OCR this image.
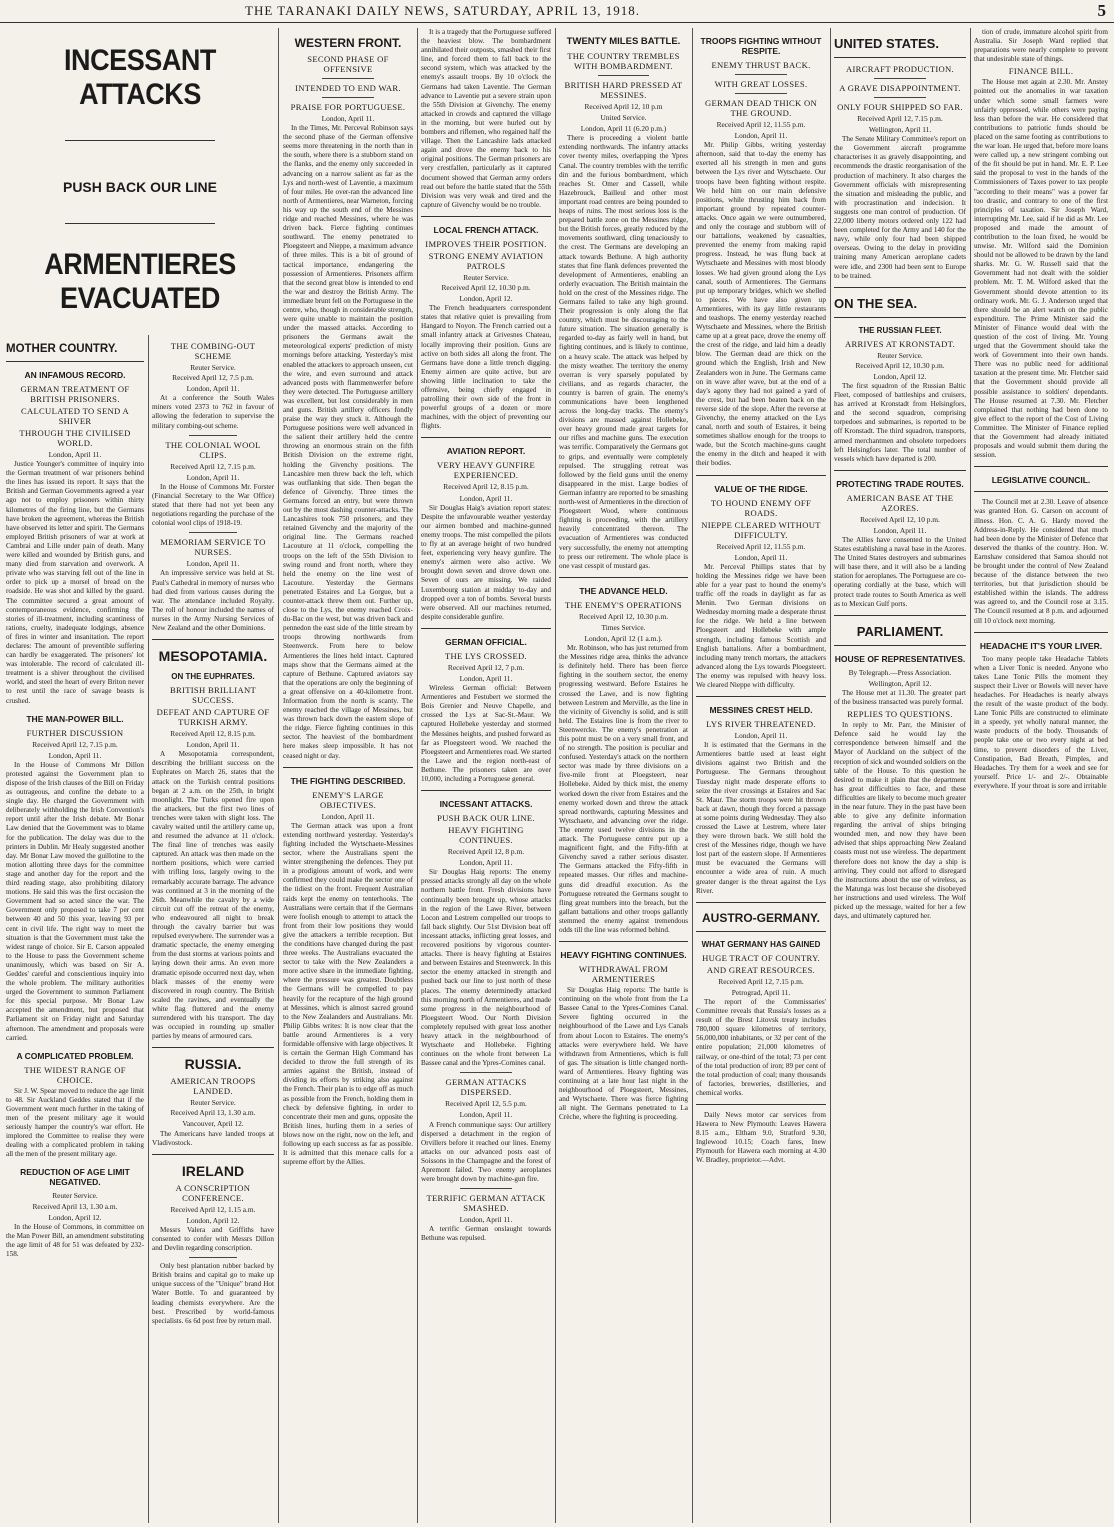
THE TARANAKI DAILY NEWS, SATURDAY, APRIL 13, 1918.	5
INCESSANT ATTACKS
PUSH BACK OUR LINE
ARMENTIERES EVACUATED
MOTHER COUNTRY.
AN INFAMOUS RECORD.
GERMAN TREATMENT OF BRITISH PRISONERS.
CALCULATED TO SEND A SHIVER
THROUGH THE CIVILISED WORLD.

London, April 11.

Justice Younger's committee of inquiry into the German treatment of war prisoners behind the lines has issued its report. It says that the British and German Governments agreed a year ago not to employ prisoners within thirty kilometres of the firing line, but the Germans have broken the agreement, whereas the British have observed its letter and spirit. The Germans employed British prisoners of war at work at Cambrai and Lille under pain of death. Many were killed and wounded by British guns, and many died from starvation and overwork. A private who was starving fell out of the line in order to pick up a morsel of bread on the roadside. He was shot and killed by the guard. The committee secured a great amount of contemporaneous evidence, confirming the stories of ill-treatment, including scantiness of rations, cruelty, inadequate lodgings, absence of fires in winter and insanitation. The report declares: The amount of preventible suffering can hardly be exaggerated. The prisoners' lot was intolerable. The record of calculated ill-treatment is a shiver throughout the civilised world, and steel the heart of every Briton never to rest until the race of savage beasts is crushed.

THE MAN-POWER BILL.
FURTHER DISCUSSION

Received April 12, 7.15 p.m.

London, April 11.

In the House of Commons Mr Dillon protested against the Government plan to dispose of the Irish clauses of the Bill on Friday as outrageous, and confine the debate to a single day. He charged the Government with deliberately withholding the Irish Convention's report until after the Irish debate. Mr Bonar Law denied that the Government was to blame for the publication. The delay was due to the printers in Dublin. Mr Healy suggested another day. Mr Bonar Law moved the guillotine to the motion allotting three days for the committee stage and another day for the report and the third reading stage, also prohibiting dilatory motions. He said this was the first occasion the Government had so acted since the war. The Government only proposed to take 7 per cent between 40 and 50 this year, leaving 93 per cent in civil life. The right way to meet the situation is that the Government must take the widest range of choice. Sir E. Carson appealed to the House to pass the Government scheme unanimously, which was based on Sir A. Geddes' careful and conscientious inquiry into the whole problem. The military authorities urged the Government to summon Parliament for this special purpose. Mr Bonar Law accepted the amendment, but proposed that Parliament sit on Friday night and Saturday afternoon. The amendment and proposals were carried.

A COMPLICATED PROBLEM.
THE WIDEST RANGE OF CHOICE.

Sir J. W. Spear moved to reduce the age limit to 48. Sir Auckland Geddes stated that if the Government went much further in the taking of men of the present military age it would seriously hamper the country's war effort. He implored the Committee to realise they were dealing with a complicated problem in taking all the men of the present military age.

REDUCTION OF AGE LIMIT NEGATIVED.

Reuter Service.

Received April 13, 1.30 a.m.

London, April 12.

In the House of Commons, in committee on the Man Power Bill, an amendment substituting the age limit of 48 for 51 was defeated by 232-158.

THE COMBING-OUT SCHEME

Reuter Service.

Received April 12, 7.5 p.m.

London, April 11.

At a conference the South Wales miners voted 2373 to 762 in favour of allowing the federation to supervise the military combing-out scheme.

THE COLONIAL WOOL CLIPS.

Received April 12, 7.15 p.m.

London, April 11.

In the House of Commons Mr. Forster (Financial Secretary to the War Office) stated that there had not yet been any negotiations regarding the purchase of the colonial wool clips of 1918-19.

MEMORIAM SERVICE TO NURSES.

London, April 11.

An impressive service was held at St. Paul's Cathedral in memory of nurses who had died from various causes during the war. The attendance included Royalty. The roll of honour included the names of nurses in the Army Nursing Services of New Zealand and the other Dominions.

MESOPOTAMIA.
ON THE EUPHRATES.
BRITISH BRILLIANT SUCCESS.
DEFEAT AND CAPTURE OF TURKISH ARMY.

Received April 12, 8.15 p.m.

London, April 11.

A Mesopotamia correspondent, describing the brilliant success on the Euphrates on March 26, states that the attack on the Turkish central positions began at 2 a.m. on the 25th, in bright moonlight. The Turks opened fire upon the attackers, but the first two lines of trenches were taken with slight loss. The cavalry waited until the artillery came up, and resumed the advance at 11 o'clock. The final line of trenches was easily captured. An attack was then made on the northern positions, which were carried with trifling loss, largely owing to the remarkably accurate barrage. The advance was continued at 3 in the morning of the 26th. Meanwhile the cavalry by a wide circuit cut off the retreat of the enemy, who endeavoured all night to break through the cavalry barrier but was repulsed everywhere. The surrender was a dramatic spectacle, the enemy emerging from the dust storms at various points and laying down their arms. An even more dramatic episode occurred next day, when black masses of the enemy were discovered in rough country. The British scaled the ravines, and eventually the white flag fluttered and the enemy surrendered with his transport. The day was occupied in rounding up smaller parties by means of armoured cars.

RUSSIA.
AMERICAN TROOPS LANDED.

Reuter Service.

Received April 13, 1.30 a.m.

Vancouver, April 12.

The Americans have landed troops at Vladivostock.

IRELAND
A CONSCRIPTION CONFERENCE.

Received April 12, 1.15 a.m.

London, April 12.

Messrs Valera and Griffiths have consented to confer with Messrs Dillon and Devlin regarding conscription.

Only best plantation rubber backed by British brains and capital go to make up unique success of the "Unique" brand Hot Water Bottle. To and guaranteed by leading chemists everywhere. Are the best. Prescribed by world-famous specialists. 6s 6d post free by return mail.

WESTERN FRONT.
SECOND PHASE OF OFFENSIVE
INTENDED TO END WAR.
PRAISE FOR PORTUGUESE.

London, April 11.

In the Times, Mr. Perceval Robinson says the second phase of the German offensive seems more threatening in the north than in the south, where there is a stubborn stand on the flanks, and the enemy only succeeded in advancing on a narrow salient as far as the Lys and north-west of Laventie, a maximum of four miles. He over-ran the advanced line north of Armentieres, near Warneton, forcing his way up the south end of the Messines ridge and reached Messines, where he was driven back. Fierce fighting continues southward. The enemy penetrated to Ploegsteert and Nieppe, a maximum advance of three miles. This is a bit of ground of tactical importance, endangering the possession of Armentieres. Prisoners affirm that the second great blow is intended to end the war and destroy the British Army. The immediate brunt fell on the Portuguese in the centre, who, though in considerable strength, were quite unable to maintain the position under the massed attacks. According to prisoners the Germans await the meteorological experts' prediction of misty mornings before attacking. Yesterday's mist enabled the attackers to approach unseen, cut the wire, and even surround and attack advanced posts with flammenwerfer before they were detected. The Portuguese artillery was excellent, but lost considerably in men and guns. British artillery officers fondly praise the way they stuck it. Although the Portuguese positions were well advanced in the salient their artillery held the centre throwing an enormous strain on the fifth British Division on the extreme right, holding the Givenchy positions. The Lancashire men threw back the left, which was outflanking that side. Then began the defence of Givenchy. Three times the Germans forced an entry, but were thrown out by the most dashing counter-attacks. The Lancashires took 750 prisoners, and they retained Givenchy and the majority of the original line. The Germans reached Lacouture at 11 o'clock, compelling the troops on the left of the 55th Division to swing round and front north, where they held the enemy on the line west of Lacouture. Yesterday the Germans penetrated Estaires and La Gorgue, but a counter-attack threw them out. Further up, close to the Lys, the enemy reached Croix-du-Bac on the west, but was driven back and pennedon the east side of the little stream by troops throwing northwards from Steenwerck. From here to below Armentieres the lines held intact. Captured maps show that the Germans aimed at the capture of Bethune. Captured aviators say that the operations are only the beginning of a great offensive on a 40-kilometre front. Information from the north is scanty. The enemy reached the village of Messines, but was thrown back down the eastern slope of the ridge. Fierce fighting continues in this sector. The heaviest of the bombardment here makes sleep impossible. It has not ceased night or day.

THE FIGHTING DESCRIBED.
ENEMY'S LARGE OBJECTIVES.

London, April 11.

The German attack was upon a front extending northward yesterday. Yesterday's fighting included the Wytschaete-Messines sector, where the Australians spent the winter strengthening the defences. They put in a prodigious amount of work, and were confirmed they could make the sector one of the tidiest on the front. Frequent Australian raids kept the enemy on tenterhooks. The Australians were certain that if the Germans were foolish enough to attempt to attack the front from their low positions they would give the attackers a terrible reception. But the conditions have changed during the past three weeks. The Australians evacuated the sector to take with the New Zealanders a more active share in the immediate fighting, where the pressure was greatest. Doubtless the Germans will be compelled to pay heavily for the recapture of the high ground at Messines, which is almost sacred ground to the New Zealanders and Australians. Mr. Philip Gibbs writes: It is now clear that the battle around Armentieres is a very formidable offensive with large objectives. It is certain the German High Command has decided to throw the full strength of its armies against the British, instead of dividing its efforts by striking also against the French. Their plan is to edge off as much as possible from the French, holding them in check by defensive fighting, in order to concentrate their men and guns, opposite the British lines, hurling them in a series of blows now on the right, now on the left, and following up each success as far as possible. It is admitted that this menace calls for a supreme effort by the Allies.

It is a tragedy that the Portuguese suffered the heaviest blow. The bombardment annihilated their outposts, smashed their first line, and forced them to fall back to the second system, which was attacked by the enemy's assault troops. By 10 o'clock the Germans had taken Laventie. The German advance to Laventie put a severe strain upon the 55th Division at Givenchy. The enemy attacked in crowds and captured the village in the morning, but were hurled out by bombers and riflemen, who regained half the village. Then the Lancashire lads attacked again and drove the enemy back to his original positions. The German prisoners are very crestfallen, particularly as it captured document showed that German army orders read out before the battle stated that the 55th Division was very weak and tired and the capture of Givenchy would be no trouble.

LOCAL FRENCH ATTACK.
IMPROVES THEIR POSITION.
STRONG ENEMY AVIATION PATROLS

Reuter Service.

Received April 12, 10.30 p.m.

London, April 12.

The French headquarters correspondent states that relative quiet is prevailing from Hangard to Noyon. The French carried out a small infantry attack at Grivesnes Chateau, locally improving their position. Guns are active on both sides all along the front. The Germans have done a little trench digging. Enemy airmen are quite active, but are showing little inclination to take the offensive, being chiefly engaged in patrolling their own side of the front in powerful groups of a dozen or more machines, with the object of preventing our flights.

AVIATION REPORT.
VERY HEAVY GUNFIRE EXPERIENCED.

Received April 12, 8.15 p.m.

London, April 11.

Sir Douglas Haig's aviation report states: Despite the unfavourable weather yesterday our airmen bombed and machine-gunned enemy troops. The mist compelled the pilots to fly at an average height of two hundred feet, experiencing very heavy gunfire. The enemy's airmen were also active. We brought down seven and drove down one. Seven of ours are missing. We raided Luxembourg station at midday to-day and dropped over a ton of bombs. Several bursts were observed. All our machines returned, despite considerable gunfire.

GERMAN OFFICIAL.
THE LYS CROSSED.

Received April 12, 7 p.m.

London, April 11.

Wireless German official: Between Armentieres and Festubert we stormed the Bois Grenier and Neuve Chapelle, and crossed the Lys at Sac-St.-Maur. We captured Hollebeke yesterday and stormed the Messines heights, and pushed forward as far as Ploegsteert wood. We reached the Ploegsteert and Armentieres road. We started the Lawe and the region north-east of Bethune. The prisoners taken are over 10,000, including a Portuguese general.

INCESSANT ATTACKS.
PUSH BACK OUR LINE.
HEAVY FIGHTING CONTINUES.

Received April 12, 8 p.m.

London, April 11.

Sir Douglas Haig reports: The enemy pressed attacks strongly all day on the whole northern battle front. Fresh divisions have continually been brought up, whose attacks in the region of the Lawe River, between Locon and Lestrem compelled our troops to fall back slightly. Our 51st Division beat off incessant attacks, inflicting great losses, and recovered positions by vigorous counter-attacks. There is heavy fighting at Estaires and between Estaires and Steenwerck. In this sector the enemy attacked in strength and pushed back our line to just north of these places. The enemy determinedly attacked this morning north of Armentieres, and made some progress in the neighbourhood of Ploegsteert Wood. Our North Division completely repulsed with great loss another heavy attack in the neighbourhood of Wytschaete and Hollebeke. Fighting continues on the whole front between La Bassee canal and the Ypres-Comines canal.

GERMAN ATTACKS DISPERSED.

Received April 12, 5.5 p.m.

London, April 11.

A French communique says: Our artillery dispersed a detachment in the region of Orvillers before it reached our lines. Enemy attacks on our advanced posts east of Soissons in the Champagne and the forest of Apremont failed. Two enemy aeroplanes were brought down by machine-gun fire.

TERRIFIC GERMAN ATTACK SMASHED.

London, April 11.

A terrific German onslaught towards Bethune was repulsed.

TWENTY MILES BATTLE.
THE COUNTRY TREMBLES WITH BOMBARDMENT.
BRITISH HARD PRESSED AT MESSINES.

Received April 12, 10 p.m

United Service.

London, April 11 (6.20 p.m.)

There is proceeding a violent battle extending northwards. The infantry attacks cover twenty miles, overlapping the Ypres Canal. The country trembles with the terrific din and the furious bombardment, which reaches St. Omer and Cassell, while Hazebrouck, Bailleul and other most important road centres are being pounded to heaps of ruins. The most serious loss is the prepared battle zone on the Messines ridge, but the British forces, greatly reduced by the movements southward, cling tenaciously to the crest. The Germans are developing an attack towards Bethune. A high authority states that fine flank defences prevented the development of Armentieres, enabling an orderly evacuation. The British maintain the hold on the crest of the Messines ridge. The Germans failed to take any high ground. Their progression is only along the flat country, which must be discouraging to the future situation. The situation generally is regarded to-day as fairly well in hand, but fighting continues, and is likely to continue, on a heavy scale. The attack was helped by the misty weather. The territory the enemy overran is very sparsely populated by civilians, and as regards character, the country is barren of grain. The enemy's communications have been lengthened across the long-day tracks. The enemy's divisions are massed against Hollebeke, over heavy ground made great targets for our rifles and machine guns. The execution was terrific. Comparatively the Germans got to grips, and eventually were completely repulsed. The struggling retreat was followed by the field guns until the enemy disappeared in the mist. Large bodies of German infantry are reported to be smashing north-west of Armentieres in the direction of Ploegsteert Wood, where continuous fighting is proceeding, with the artillery heavily concentrated thereon. The evacuation of Armentieres was conducted very successfully, the enemy not attempting to press our retirement. The whole place is one vast cesspit of mustard gas.

THE ADVANCE HELD.
THE ENEMY'S OPERATIONS

Received April 12, 10.30 p.m.

Times Service.

London, April 12 (1 a.m.).

Mr. Robinson, who has just returned from the Messines ridge area, thinks the advance is definitely held. There has been fierce fighting in the southern sector, the enemy progressing westward. Before Estaires he crossed the Lawe, and is now fighting between Lestrem and Merville, as the line in the vicinity of Givenchy is solid, and is still held. The Estaires line is from the river to Steenwercke. The enemy's penetration at this point must be on a very small front, and of no strength. The position is peculiar and confused. Yesterday's attack on the northern sector was made by three divisions on a five-mile front at Ploegsteert, near Hollebeke. Aided by thick mist, the enemy worked down the river from Estaires and the enemy worked down and threw the attack spread northwards, capturing Messines and Wytschaete, and advancing over the ridge. The enemy used twelve divisions in the attack. The Portuguese centre put up a magnificent fight, and the Fifty-fifth at Givenchy saved a rather serious disaster. The Germans attacked the Fifty-fifth in repeated masses. Our rifles and machine-guns did dreadful execution. As the Portuguese retreated the Germans sought to fling great numbers into the breach, but the gallant battalions and other troops gallantly stemmed the enemy against tremendous odds till the line was reformed behind.

HEAVY FIGHTING CONTINUES.
WITHDRAWAL FROM ARMENTIERES

Sir Douglas Haig reports: The battle is continuing on the whole front from the La Bassee Canal to the Ypres-Comines Canal. Severe fighting occurred in the neighbourhood of the Lawe and Lys Canals from about Locon to Estaires. The enemy's attacks were everywhere held. We have withdrawn from Armentieres, which is full of gas. The situation is little changed north-ward of Armentieres. Heavy fighting was continuing at a late hour last night in the neighbourhood of Ploegsteert, Messines, and Wytschaete. There was fierce fighting all night. The Germans penetrated to La Crèche, where the fighting is proceeding.

TROOPS FIGHTING WITHOUT RESPITE.
ENEMY THRUST BACK.
WITH GREAT LOSSES.
GERMAN DEAD THICK ON THE GROUND.

Received April 12, 11.55 p.m.

London, April 11.

Mr. Philip Gibbs, writing yesterday afternoon, said that to-day the enemy has exerted all his strength in men and guns between the Lys river and Wytschaete. Our troops have been fighting without respite. We held him on our main defensive positions, while thrusting him back from important ground by repeated counter-attacks. Once again we were outnumbered, and only the courage and stubborn will of our battalions, weakened by casualties, prevented the enemy from making rapid progress. Instead, he was flung back at Wytschaete and Messines with most bloody losses. We had given ground along the Lys canal, south of Armentieres. The Germans put up temporary bridges, which we shelled to pieces. We have also given up Armentieres, with its gay little restaurants and teashops. The enemy yesterday reached Wytschaete and Messines, where the British came up at a great pace, drove the enemy off the crest of the ridge, and laid him a deadly blow. The German dead are thick on the ground which the English, Irish and New Zealanders won in June. The Germans came on in wave after wave, but at the end of a day's agony they had not gained a yard of the crest, but had been beaten back on the reverse side of the slope. After the reverse at Givenchy, the enemy attacked on the Lys canal, north and south of Estaires, it being sometimes shallow enough for the troops to wade, but the Scotch machine-guns caught the enemy in the ditch and heaped it with their bodies.

VALUE OF THE RIDGE.
TO HOUND ENEMY OFF ROADS.
NIEPPE CLEARED WITHOUT DIFFICULTY.

Received April 12, 11.55 p.m.

London, April 11.

Mr. Perceval Phillips states that by holding the Messines ridge we have been able for a year past to hound the enemy's traffic off the roads in daylight as far as Menin. Two German divisions on Wednesday morning made a desperate thrust for the ridge. We held a line between Ploegsteert and Hollebeke with ample strength, including famous Scottish and English battalions. After a bombardment, including many trench mortars, the attackers advanced along the Lys towards Ploegsteert. The enemy was repulsed with heavy loss. We cleared Nieppe with difficulty.

MESSINES CREST HELD.
LYS RIVER THREATENED.

London, April 11.

It is estimated that the Germans in the Armentieres battle used at least eight divisions against two British and the Portuguese. The Germans throughout Tuesday night made desperate efforts to seize the river crossings at Estaires and Sac St. Maur. The storm troops were hit thrown back at dawn, though they forced a passage at some points during Wednesday. They also crossed the Lawe at Lestrem, where later they were thrown back. We still hold the crest of the Messines ridge, though we have lost part of the eastern slope. If Armentieres must be evacuated the Germans will encounter a wide area of ruin. A much greater danger is the threat against the Lys River.

AUSTRO-GERMANY.
WHAT GERMANY HAS GAINED
HUGE TRACT OF COUNTRY.
AND GREAT RESOURCES.

Received April 12, 7.15 p.m.

Petrograd, April 11.

The report of the Commissaries' Committee reveals that Russia's losses as a result of the Brest Litovsk treaty includes 780,000 square kilometres of territory, 56,000,000 inhabitants, or 32 per cent of the entire population; 21,000 kilometres of railway, or one-third of the total; 73 per cent of the total production of iron; 89 per cent of the total production of coal; many thousands of factories, breweries, distilleries, and chemical works.

Daily News motor car services from Hawera to New Plymouth: Leaves Hawera 8.15 a.m., Eltham 9.0, Stratford 9.30, Inglewood 10.15; Coach fares, Inew Plymouth for Hawera each morning at 4.30 W. Bradley, proprietor.—Advt.

UNITED STATES.
AIRCRAFT PRODUCTION.
A GRAVE DISAPPOINTMENT.
ONLY FOUR SHIPPED SO FAR.

Received April 12, 7.15 p.m.

Wellington, April 11.

The Senate Military Committee's report on the Government aircraft programme characterises it as gravely disappointing, and recommends the drastic reorganisation of the production of machinery. It also charges the Government officials with misrepresenting the situation and misleading the public, and with procrastination and indecision. It suggests one man control of production. Of 22,000 liberty motors ordered only 122 had been completed for the Army and 140 for the navy, while only four had been shipped overseas. Owing to the delay in providing training many American aeroplane cadets were idle, and 2300 had been sent to Europe to be trained.

ON THE SEA.
THE RUSSIAN FLEET.
ARRIVES AT KRONSTADT.

Reuter Service.

Received April 12, 10.30 p.m.

London, April 12.

The first squadron of the Russian Baltic Fleet, composed of battleships and cruisers, has arrived at Kronstadt from Helsingfors, and the second squadron, comprising torpedoes and submarines, is reported to be off Kronstadt. The third squadron, transports, armed merchantmen and obsolete torpedoers left Helsingfors later. The total number of vessels which have departed is 200.

PROTECTING TRADE ROUTES.
AMERICAN BASE AT THE AZORES.

Received April 12, 10 p.m.

London, April 11.

The Allies have consented to the United States establishing a naval base in the Azores. The United States destroyers and submarines will base there, and it will also be a landing station for aeroplanes. The Portuguese are co-operating cordially at the base, which will protect trade routes to South America as well as to Mexican Gulf ports.

PARLIAMENT.
HOUSE OF REPRESENTATIVES.

By Telegraph.—Press Association.

Wellington, April 12.

The House met at 11.30. The greater part of the business transacted was purely formal.

REPLIES TO QUESTIONS.

In reply to Mr. Parr, the Minister of Defence said he would lay the correspondence between himself and the Mayor of Auckland on the subject of the reception of sick and wounded soldiers on the table of the House. To this question he desired to make it plain that the department has great difficulties to face, and these difficulties are likely to become much greater in the near future. They in the past have been able to give any definite information regarding the arrival of ships bringing wounded men, and now they have been advised that ships approaching New Zealand coasts must not use wireless. The department therefore does not know the day a ship is arriving. They could not afford to disregard the instructions about the use of wireless, as the Matunga was lost because she disobeyed her instructions and used wireless. The Wolf picked up the message, waited for her a few days, and ultimately captured her.

tion of crude, immature alcohol spirit from Australia. Sir Joseph Ward replied that preparations were nearly complete to prevent that undesirable state of things.

FINANCE BILL.

The House met again at 2.30. Mr. Anstey pointed out the anomalies in war taxation under which some small farmers were unfairly oppressed, while others were paying less than before the war. He considered that contributions to patriotic funds should be placed on the same footing as contributions to the war loan. He urged that, before more loans were called up, a new stringent combing out of the fit should be put in hand. Mr. E. P. Lee said the proposal to vest in the hands of the Commissioners of Taxes power to tax people "according to their means" was a power far too drastic, and contrary to one of the first principles of taxation. Sir Joseph Ward, interrupting Mr. Lee, said if he did as Mr. Lee proposed and made the amount of contribution to the loan fixed, he would be unwise. Mr. Wilford said the Dominion should not be allowed to be drawn by the land sharks. Mr. G. W. Russell said that the Government had not dealt with the soldier problem. Mr. T. M. Wilford asked that the Government should devote attention to its ordinary work. Mr. G. J. Anderson urged that there should be an alert watch on the public expenditure. The Prime Minister said the Minister of Finance would deal with the question of the cost of living. Mr. Young urged that the Government should take the work of Government into their own hands. There was no public need for additional taxation at the present time. Mr. Fletcher said that the Government should provide all possible assistance to soldiers' dependants. The House resumed at 7.30. Mr. Fletcher complained that nothing had been done to give effect to the report of the Cost of Living Committee. The Minister of Finance replied that the Government had already initiated proposals and would submit them during the session.

LEGISLATIVE COUNCIL.

The Council met at 2.30. Leave of absence was granted Hon. G. Carson on account of illness. Hon. C. A. G. Hardy moved the Address-in-Reply. He considered that much had been done by the Minister of Defence that deserved the thanks of the country. Hon. W. Earnshaw considered that Samoa should not be brought under the control of New Zealand because of the distance between the two territories, but that jurisdiction should be established within the islands. The address was agreed to, and the Council rose at 3.15. The Council resumed at 8 p.m. and adjourned till 10 o'clock next morning.

HEADACHE IT'S YOUR LIVER.

Too many people take Headache Tablets when a Liver Tonic is needed. Anyone who takes Lane Tonic Pills the moment they suspect their Liver or Bowels will never have headaches. For Headaches is nearly always the result of the waste product of the body. Lane Tonic Pills are constructed to eliminate in a speedy, yet wholly natural manner, the waste products of the body. Thousands of people take one or two every night at bed time, to prevent disorders of the Liver, Constipation, Bad Breath, Pimples, and Headaches. Try them for a week and see for yourself. Price 1/- and 2/-. Obtainable everywhere. If your throat is sore and irritable
